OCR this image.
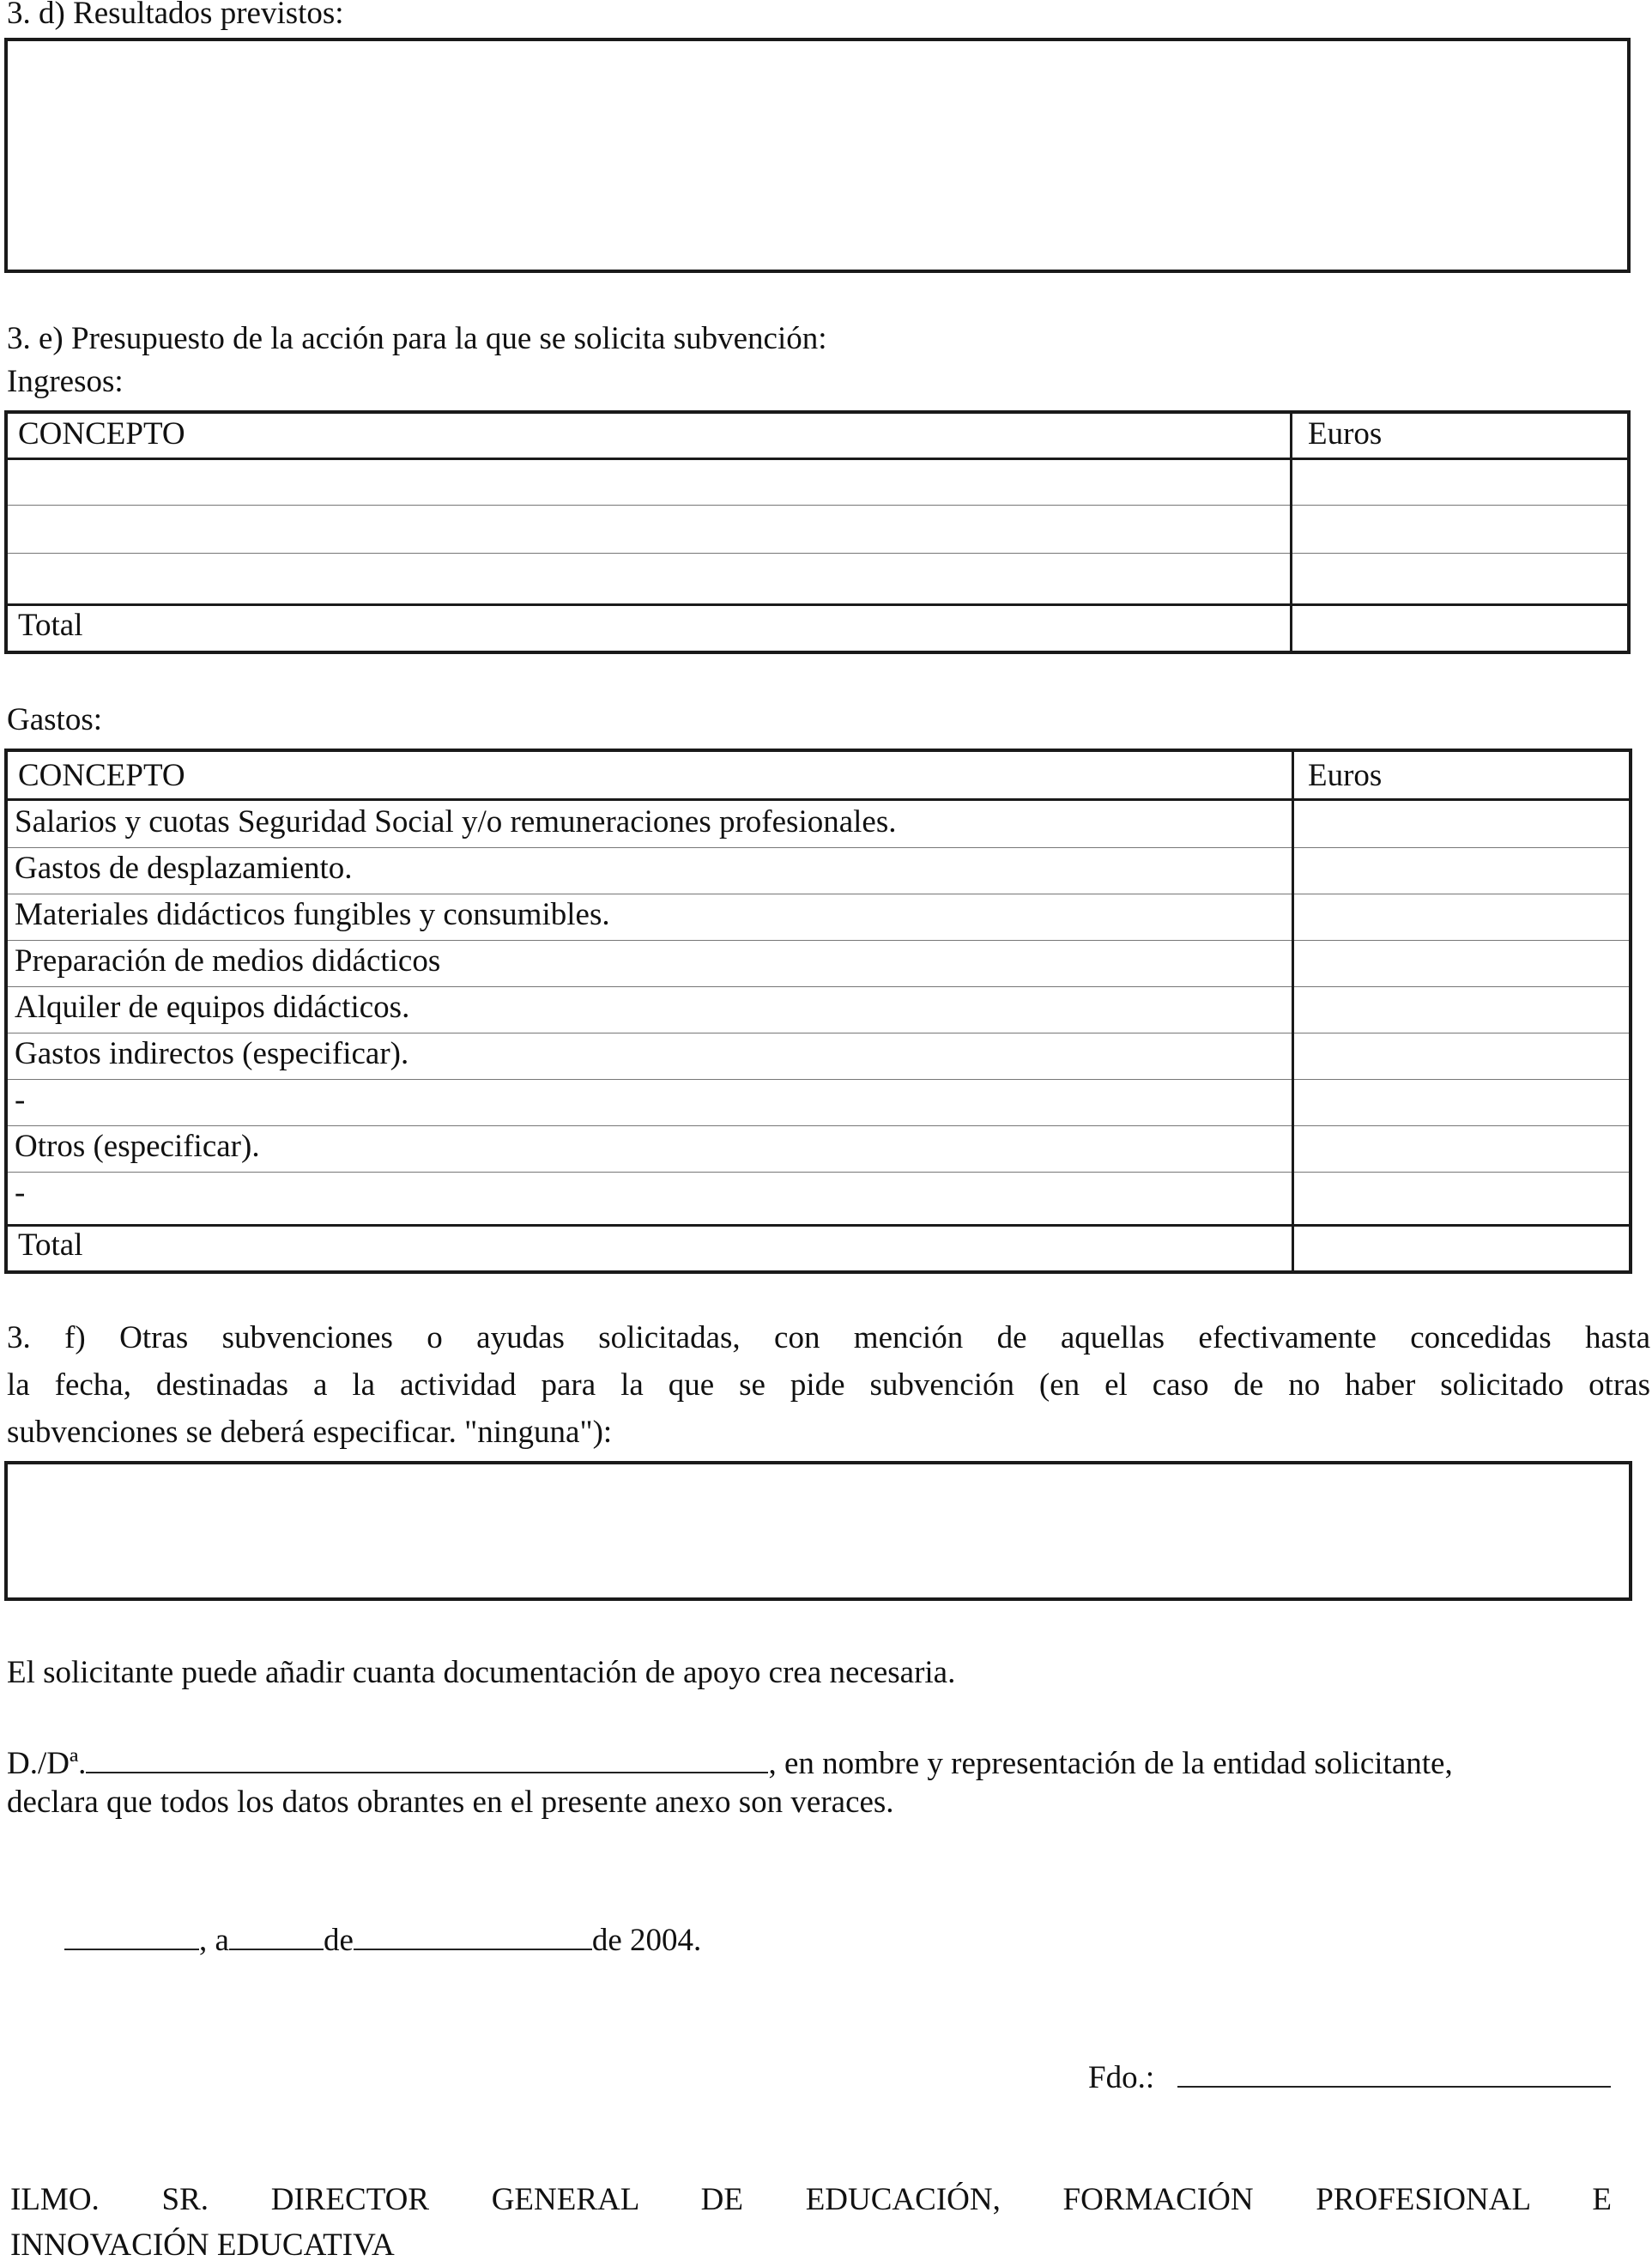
3. d) Resultados previstos:
3. e) Presupuesto de la acción para la que se solicita subvención:
Ingresos:
CONCEPTO	Euros
Total
Gastos:
CONCEPTO	Euros
Salarios y cuotas Seguridad Social y/o remuneraciones profesionales.
Gastos de desplazamiento.
Materiales didácticos fungibles y consumibles.
Preparación de medios didácticos
Alquiler de equipos didácticos.
Gastos indirectos (especificar).
-
Otros (especificar).
-
Total
3. f) Otras subvenciones o ayudas solicitadas, con mención de aquellas efectivamente concedidas hasta
la fecha, destinadas a la actividad para la que se pide subvención (en el caso de no haber solicitado otras
subvenciones se deberá especificar. "ninguna"):
El solicitante puede añadir cuanta documentación de apoyo crea necesaria.
D./Dª.	, en nombre y representación de la entidad solicitante,
declara que todos los datos obrantes en el presente anexo son veraces.
, a	de	de 2004.
Fdo.:
ILMO. SR. DIRECTOR GENERAL DE EDUCACIÓN, FORMACIÓN PROFESIONAL E
INNOVACIÓN EDUCATIVA
